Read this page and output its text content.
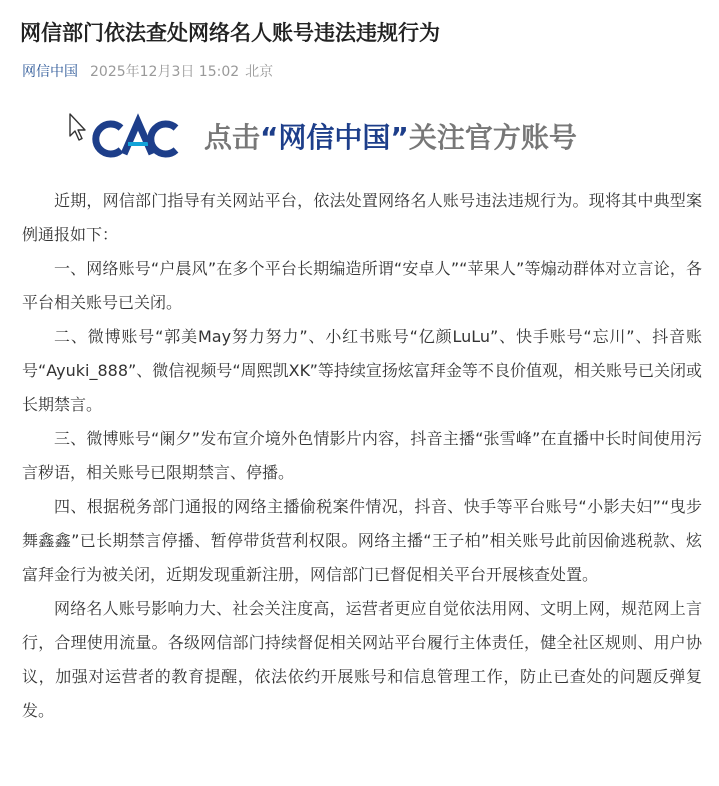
网信部门依法查处网络名人账号违法违规行为
网信中国 2025年12月3日 15:02 北京
点击“网信中国”关注官方账号

近期，网信部门指导有关网站平台，依法处置网络名人账号违法违规行为。现将其中典型案例通报如下：

一、网络账号“户晨风”在多个平台长期编造所谓“安卓人”“苹果人”等煽动群体对立言论，各平台相关账号已关闭。

二、微博账号“郭美May努力努力”、小红书账号“亿颜LuLu”、快手账号“忘川”、抖音账号“Ayuki_888”、微信视频号“周熙凯XK”等持续宣扬炫富拜金等不良价值观，相关账号已关闭或长期禁言。

三、微博账号“阑夕”发布宣介境外色情影片内容，抖音主播“张雪峰”在直播中长时间使用污言秽语，相关账号已限期禁言、停播。

四、根据税务部门通报的网络主播偷税案件情况，抖音、快手等平台账号“小影夫妇”“曳步舞鑫鑫”已长期禁言停播、暂停带货营利权限。网络主播“王子柏”相关账号此前因偷逃税款、炫富拜金行为被关闭，近期发现重新注册，网信部门已督促相关平台开展核查处置。

网络名人账号影响力大、社会关注度高，运营者更应自觉依法用网、文明上网，规范网上言行，合理使用流量。各级网信部门持续督促相关网站平台履行主体责任，健全社区规则、用户协议，加强对运营者的教育提醒，依法依约开展账号和信息管理工作，防止已查处的问题反弹复发。
